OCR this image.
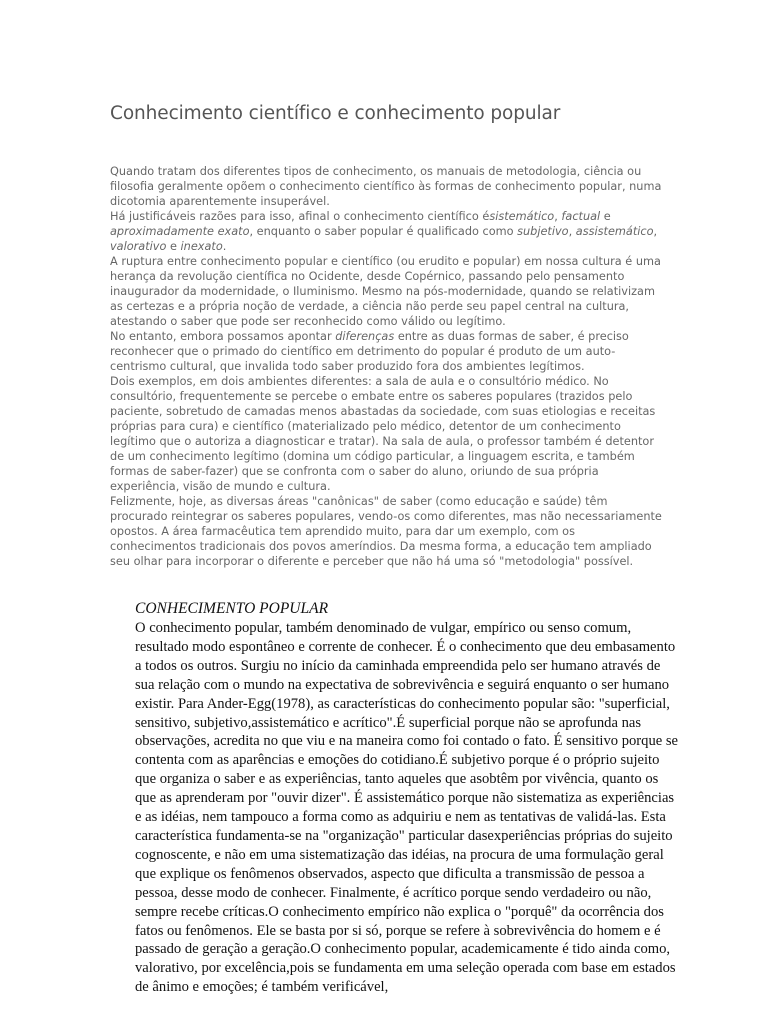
Conhecimento científico e conhecimento popular
Quando tratam dos diferentes tipos de conhecimento, os manuais de metodologia, ciência ou filosofia geralmente opõem o conhecimento científico às formas de conhecimento popular, numa dicotomia aparentemente insuperável.
Há justificáveis razões para isso, afinal o conhecimento científico ésistemático, factual e aproximadamente exato, enquanto o saber popular é qualificado como subjetivo, assistemático, valorativo e inexato.
A ruptura entre conhecimento popular e científico (ou erudito e popular) em nossa cultura é uma herança da revolução científica no Ocidente, desde Copérnico, passando pelo pensamento inaugurador da modernidade, o Iluminismo. Mesmo na pós-modernidade, quando se relativizam as certezas e a própria noção de verdade, a ciência não perde seu papel central na cultura, atestando o saber que pode ser reconhecido como válido ou legítimo.
No entanto, embora possamos apontar diferenças entre as duas formas de saber, é preciso reconhecer que o primado do científico em detrimento do popular é produto de um auto-centrismo cultural, que invalida todo saber produzido fora dos ambientes legítimos.
Dois exemplos, em dois ambientes diferentes: a sala de aula e o consultório médico. No consultório, frequentemente se percebe o embate entre os saberes populares (trazidos pelo paciente, sobretudo de camadas menos abastadas da sociedade, com suas etiologias e receitas próprias para cura) e científico (materializado pelo médico, detentor de um conhecimento legítimo que o autoriza a diagnosticar e tratar). Na sala de aula, o professor também é detentor de um conhecimento legítimo (domina um código particular, a linguagem escrita, e também formas de saber-fazer) que se confronta com o saber do aluno, oriundo de sua própria experiência, visão de mundo e cultura.
Felizmente, hoje, as diversas áreas "canônicas" de saber (como educação e saúde) têm procurado reintegrar os saberes populares, vendo-os como diferentes, mas não necessariamente opostos. A área farmacêutica tem aprendido muito, para dar um exemplo, com os conhecimentos tradicionais dos povos ameríndios. Da mesma forma, a educação tem ampliado seu olhar para incorporar o diferente e perceber que não há uma só "metodologia" possível.
CONHECIMENTO POPULAR

O conhecimento popular, também denominado de vulgar, empírico ou senso comum, resultado modo espontâneo e corrente de conhecer. É o conhecimento que deu embasamento a todos os outros. Surgiu no início da caminhada empreendida pelo ser humano através de sua relação com o mundo na expectativa de sobrevivência e seguirá enquanto o ser humano existir. Para Ander-Egg(1978), as características do conhecimento popular são: "superficial, sensitivo, subjetivo,assistemático e acrítico".É superficial porque não se aprofunda nas observações, acredita no que viu e na maneira como foi contado o fato. É sensitivo porque se contenta com as aparências e emoções do cotidiano.É subjetivo porque é o próprio sujeito que organiza o saber e as experiências, tanto aqueles que asobtêm por vivência, quanto os que as aprenderam por "ouvir dizer". É assistemático porque não sistematiza as experiências e as idéias, nem tampouco a forma como as adquiriu e nem as tentativas de validá-las. Esta característica fundamenta-se na "organização" particular dasexperiências próprias do sujeito cognoscente, e não em uma sistematização das idéias, na procura de uma formulação geral que explique os fenômenos observados, aspecto que dificulta a transmissão de pessoa a pessoa, desse modo de conhecer. Finalmente, é acrítico porque sendo verdadeiro ou não, sempre recebe críticas.O conhecimento empírico não explica o "porquê" da ocorrência dos fatos ou fenômenos. Ele se basta por si só, porque se refere à sobrevivência do homem e é passado de geração a geração.O conhecimento popular, academicamente é tido ainda como, valorativo, por excelência,pois se fundamenta em uma seleção operada com base em estados de ânimo e emoções; é também verificável,
